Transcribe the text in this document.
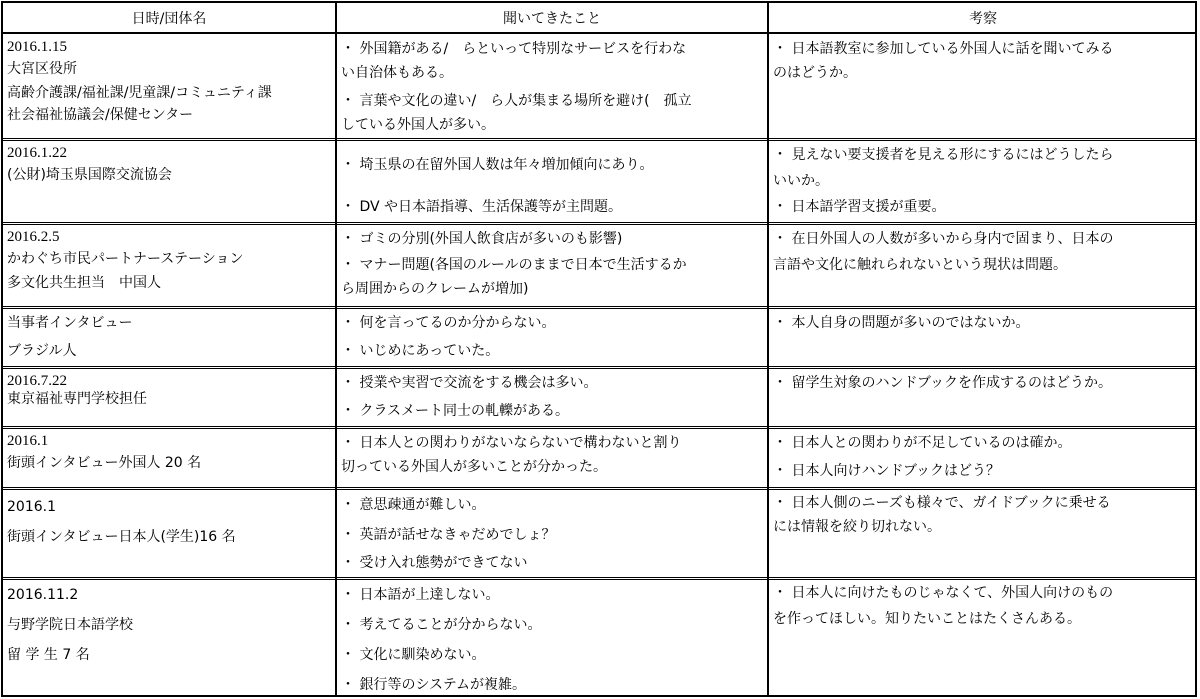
日時/団体名	聞いてきたこと	考察
2016.1.15
大宮区役所
高齢介護課/福祉課/児童課/コミュニティ課
社会福祉協議会/保健センター
・ 外国籍がある/　らといって特別なサービスを行わな
い自治体もある。
・ 言葉や文化の違い/　ら人が集まる場所を避け(　孤立
している外国人が多い。
・ 日本語教室に参加している外国人に話を聞いてみる
のはどうか。
2016.1.22
(公財)埼玉県国際交流協会
・ 埼玉県の在留外国人数は年々増加傾向にあり。
・ DV や日本語指導、生活保護等が主問題。
・ 見えない要支援者を見える形にするにはどうしたら
いいか。
・ 日本語学習支援が重要。
2016.2.5
かわぐち市民パートナーステーション
多文化共生担当　中国人
・ ゴミの分別(外国人飲食店が多いのも影響)
・ マナー問題(各国のルールのままで日本で生活するか
ら周囲からのクレームが増加)
・ 在日外国人の人数が多いから身内で固まり、日本の
言語や文化に触れられないという現状は問題。
当事者インタビュー
ブラジル人
・ 何を言ってるのか分からない。
・ いじめにあっていた。
・ 本人自身の問題が多いのではないか。
2016.7.22
東京福祉専門学校担任
・ 授業や実習で交流をする機会は多い。
・ クラスメート同士の軋轢がある。
・ 留学生対象のハンドブックを作成するのはどうか。
2016.1
街頭インタビュー外国人 20 名
・ 日本人との関わりがないならないで構わないと割り
切っている外国人が多いことが分かった。
・ 日本人との関わりが不足しているのは確か。
・ 日本人向けハンドブックはどう？
2016.1
街頭インタビュー日本人(学生)16 名
・ 意思疎通が難しい。
・ 英語が話せなきゃだめでしょ？
・ 受け入れ態勢ができてない
・ 日本人側のニーズも様々で、ガイドブックに乗せる
には情報を絞り切れない。
2016.11.2
与野学院日本語学校
留 学 生 7 名
・ 日本語が上達しない。
・ 考えてることが分からない。
・ 文化に馴染めない。
・ 銀行等のシステムが複雑。
・ 日本人に向けたものじゃなくて、外国人向けのもの
を作ってほしい。知りたいことはたくさんある。
